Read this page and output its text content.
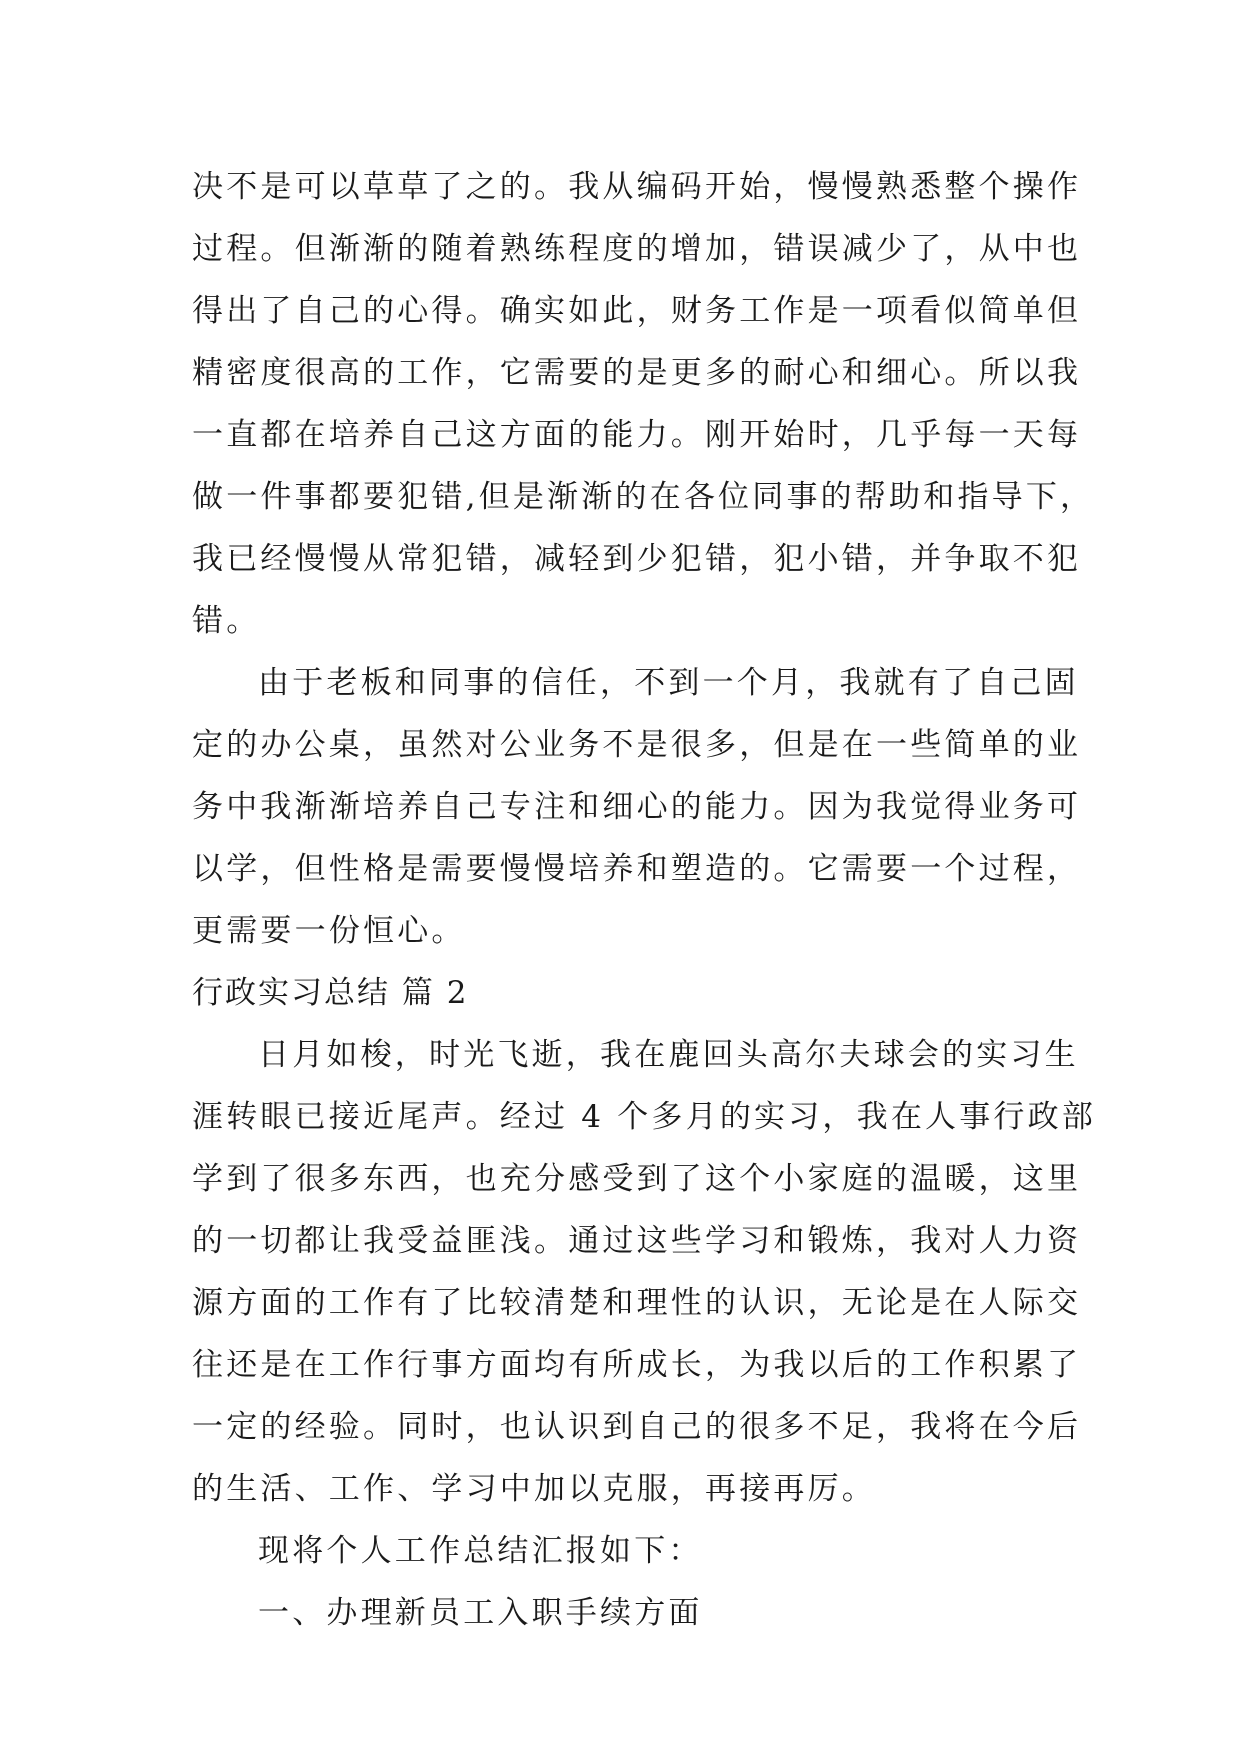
决不是可以草草了之的。我从编码开始，慢慢熟悉整个操作
过程。但渐渐的随着熟练程度的增加，错误减少了，从中也
得出了自己的心得。确实如此，财务工作是一项看似简单但
精密度很高的工作，它需要的是更多的耐心和细心。所以我
一直都在培养自己这方面的能力。刚开始时，几乎每一天每
做一件事都要犯错,但是渐渐的在各位同事的帮助和指导下，
我已经慢慢从常犯错，减轻到少犯错，犯小错，并争取不犯
错。
由于老板和同事的信任，不到一个月，我就有了自己固
定的办公桌，虽然对公业务不是很多，但是在一些简单的业
务中我渐渐培养自己专注和细心的能力。因为我觉得业务可
以学，但性格是需要慢慢培养和塑造的。它需要一个过程，
更需要一份恒心。
行政实习总结 篇 2
日月如梭，时光飞逝，我在鹿回头高尔夫球会的实习生
涯转眼已接近尾声。经过 4 个多月的实习，我在人事行政部
学到了很多东西，也充分感受到了这个小家庭的温暖，这里
的一切都让我受益匪浅。通过这些学习和锻炼，我对人力资
源方面的工作有了比较清楚和理性的认识，无论是在人际交
往还是在工作行事方面均有所成长，为我以后的工作积累了
一定的经验。同时，也认识到自己的很多不足，我将在今后
的生活、工作、学习中加以克服，再接再厉。
现将个人工作总结汇报如下：
一、办理新员工入职手续方面
